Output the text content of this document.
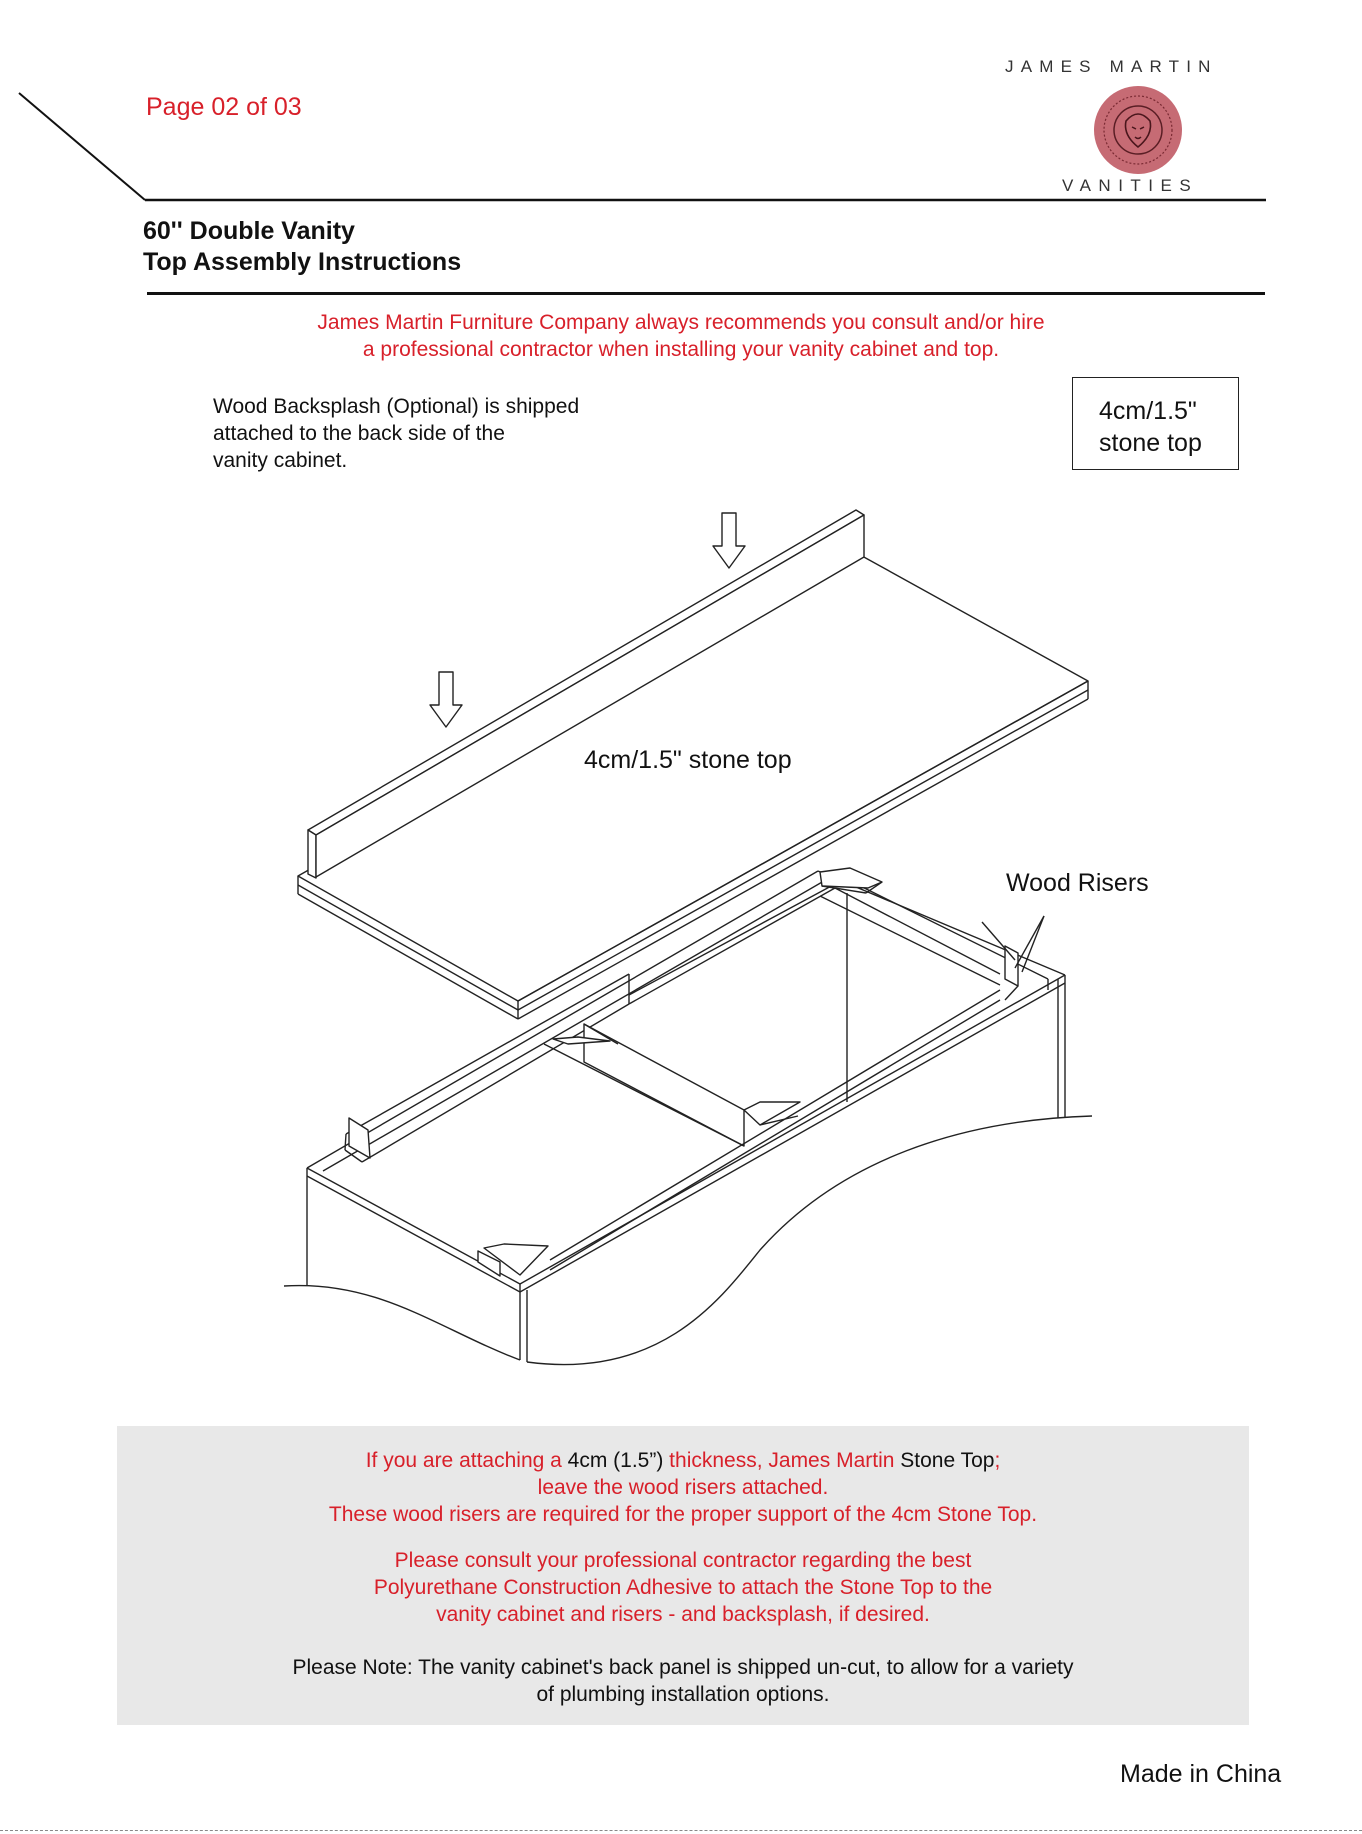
Page 02 of 03
JAMES MARTIN
VANITIES
60'' Double Vanity
Top Assembly Instructions
James Martin Furniture Company always recommends you consult and/or hire
a professional contractor when installing your vanity cabinet and top.
Wood Backsplash (Optional) is shipped
attached to the back side of the
vanity cabinet.
4cm/1.5"
stone top
4cm/1.5" stone top
Wood Risers
If you are attaching a 4cm (1.5”) thickness, James Martin Stone Top;
leave the wood risers attached.
These wood risers are required for the proper support of the 4cm Stone Top.
Please consult your professional contractor regarding the best
Polyurethane Construction Adhesive to attach the Stone Top to the
vanity cabinet and risers - and backsplash, if desired.
Please Note: The vanity cabinet's back panel is shipped un-cut, to allow for a variety
of plumbing installation options.
Made in China
